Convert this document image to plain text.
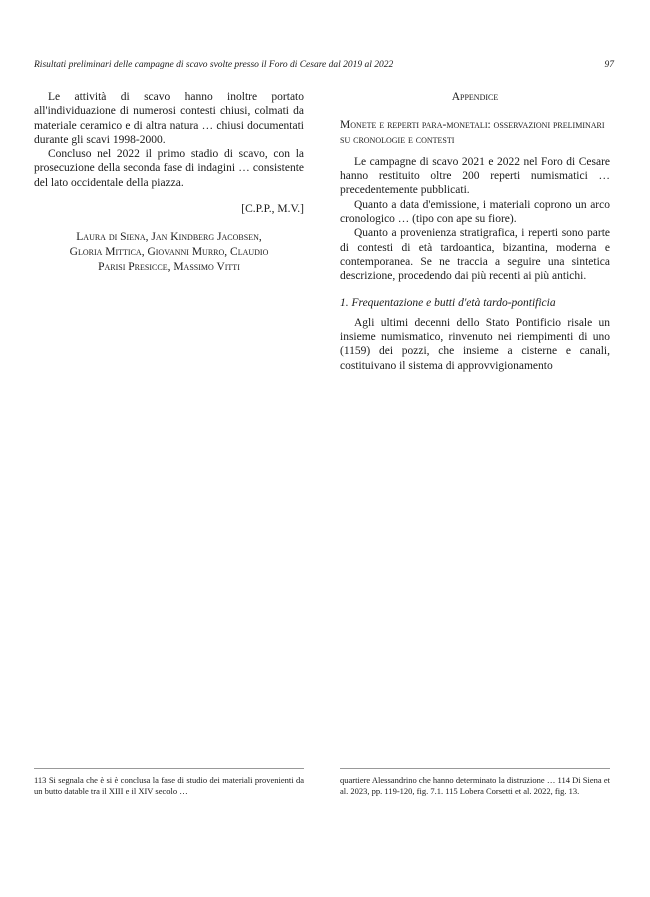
Risultati preliminari delle campagne di scavo svolte presso il Foro di Cesare dal 2019 al 2022	97

Le attività di scavo hanno inoltre portato all'individuazione di numerosi contesti chiusi, colmati da materiale ceramico e di altra natura … chiusi documentati durante gli scavi 1998-2000.

Concluso nel 2022 il primo stadio di scavo, con la prosecuzione della seconda fase di indagini … consistente del lato occidentale della piazza.

[C.P.P., M.V.]
Laura di Siena, Jan Kindberg Jacobsen,
Gloria Mittica, Giovanni Murro, Claudio
Parisi Presicce, Massimo Vitti
Appendice
Monete e reperti para-monetali: osservazioni preliminari su cronologie e contesti

Le campagne di scavo 2021 e 2022 nel Foro di Cesare hanno restituito oltre 200 reperti numismatici … precedentemente pubblicati.

Quanto a data d'emissione, i materiali coprono un arco cronologico … (tipo con ape su fiore).

Quanto a provenienza stratigrafica, i reperti sono parte di contesti di età tardoantica, bizantina, moderna e contemporanea. Se ne traccia a seguire una sintetica descrizione, procedendo dai più recenti ai più antichi.

1. Frequentazione e butti d'età tardo-pontificia

Agli ultimi decenni dello Stato Pontificio risale un insieme numismatico, rinvenuto nei riempimenti di uno (1159) dei pozzi, che insieme a cisterne e canali, costituivano il sistema di approvvigionamento

113 Si segnala che è si è conclusa la fase di studio dei materiali provenienti da un butto datable tra il XIII e il XIV secolo …
quartiere Alessandrino che hanno determinato la distruzione … 114 Di Siena et al. 2023, pp. 119-120, fig. 7.1. 115 Lobera Corsetti et al. 2022, fig. 13.
